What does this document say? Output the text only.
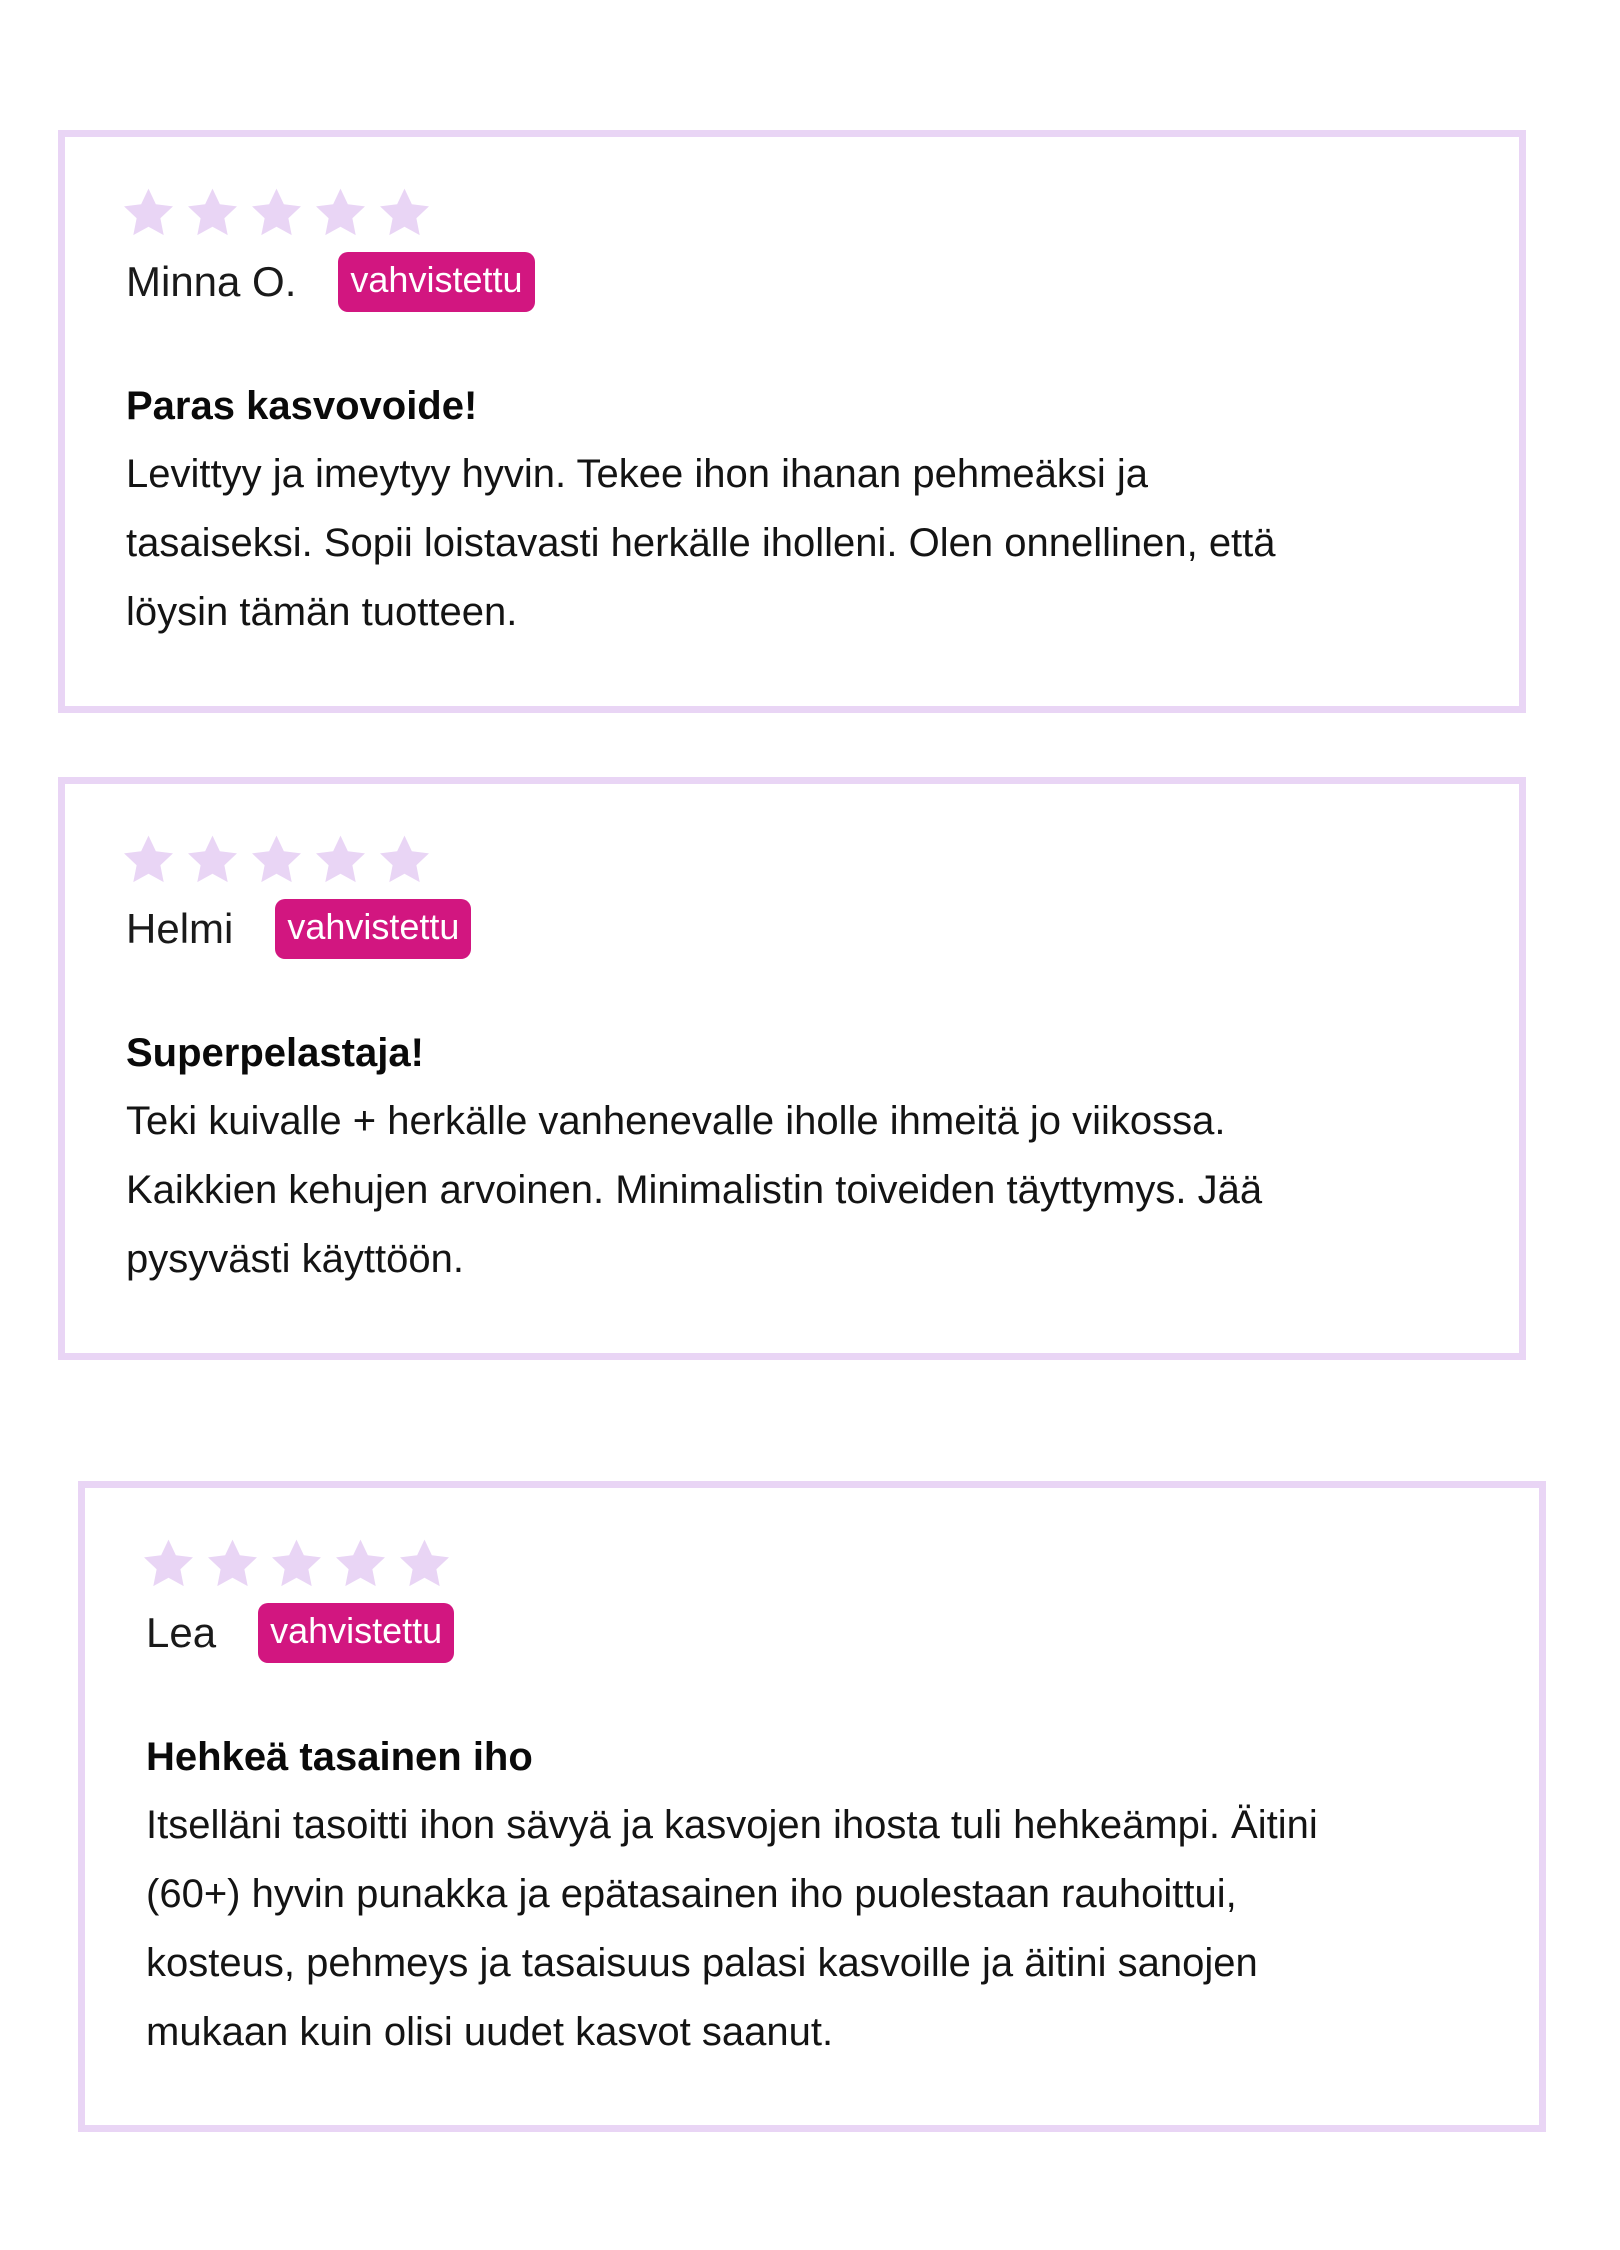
Minna O.	vahvistettu
Paras kasvovoide!
Levittyy ja imeytyy hyvin. Tekee ihon ihanan pehmeäksi ja
tasaiseksi. Sopii loistavasti herkälle iholleni. Olen onnellinen, että
löysin tämän tuotteen.
Helmi	vahvistettu
Superpelastaja!
Teki kuivalle + herkälle vanhenevalle iholle ihmeitä jo viikossa.
Kaikkien kehujen arvoinen. Minimalistin toiveiden täyttymys. Jää
pysyvästi käyttöön.
Lea	vahvistettu
Hehkeä tasainen iho
Itselläni tasoitti ihon sävyä ja kasvojen ihosta tuli hehkeämpi. Äitini
(60+) hyvin punakka ja epätasainen iho puolestaan rauhoittui,
kosteus, pehmeys ja tasaisuus palasi kasvoille ja äitini sanojen
mukaan kuin olisi uudet kasvot saanut.
